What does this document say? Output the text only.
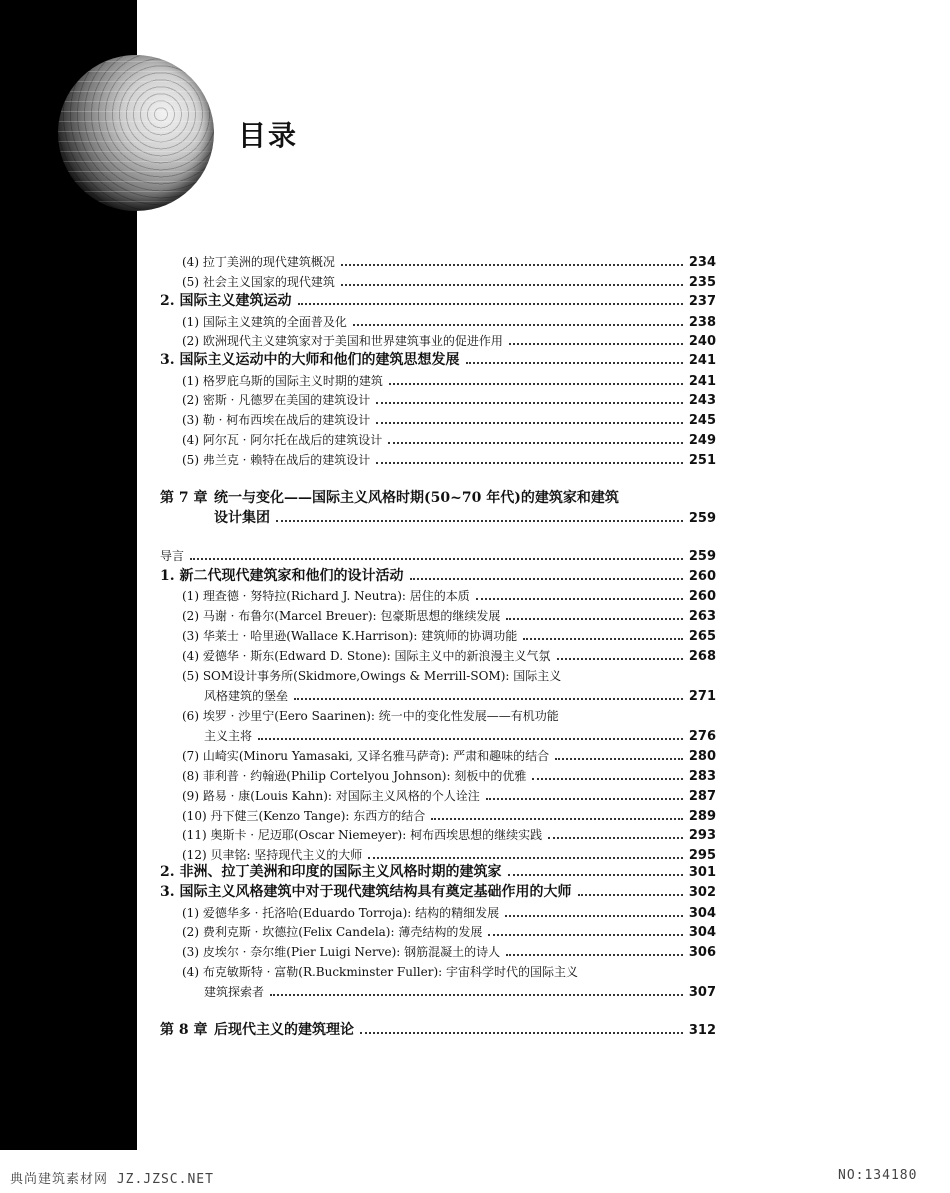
目录
(4) 拉丁美洲的现代建筑概况	234
(5) 社会主义国家的现代建筑	235
2. 国际主义建筑运动	237
(1) 国际主义建筑的全面普及化	238
(2) 欧洲现代主义建筑家对于美国和世界建筑事业的促进作用	240
3. 国际主义运动中的大师和他们的建筑思想发展	241
(1) 格罗庇乌斯的国际主义时期的建筑	241
(2) 密斯 · 凡德罗在美国的建筑设计	243
(3) 勒 · 柯布西埃在战后的建筑设计	245
(4) 阿尔瓦 · 阿尔托在战后的建筑设计	249
(5) 弗兰克 · 赖特在战后的建筑设计	251
第 7 章 统一与变化——国际主义风格时期(50~70 年代)的建筑家和建筑
设计集团	259
导言	259
1. 新二代现代建筑家和他们的设计活动	260
(1) 理查德 · 努特拉(Richard J. Neutra): 居住的本质	260
(2) 马谢 · 布鲁尔(Marcel Breuer): 包豪斯思想的继续发展	263
(3) 华莱士 · 哈里逊(Wallace K.Harrison): 建筑师的协调功能	265
(4) 爱德华 · 斯东(Edward D. Stone): 国际主义中的新浪漫主义气氛	268
(5) SOM设计事务所(Skidmore,Owings & Merrill-SOM): 国际主义
风格建筑的堡垒	271
(6) 埃罗 · 沙里宁(Eero Saarinen): 统一中的变化性发展——有机功能
主义主将	276
(7) 山崎实(Minoru Yamasaki, 又译名雅马萨奇): 严肃和趣味的结合	280
(8) 菲利普 · 约翰逊(Philip Cortelyou Johnson): 刻板中的优雅	283
(9) 路易 · 康(Louis Kahn): 对国际主义风格的个人诠注	287
(10) 丹下健三(Kenzo Tange): 东西方的结合	289
(11) 奥斯卡 · 尼迈耶(Oscar Niemeyer): 柯布西埃思想的继续实践	293
(12) 贝聿铭: 坚持现代主义的大师	295
2. 非洲、拉丁美洲和印度的国际主义风格时期的建筑家	301
3. 国际主义风格建筑中对于现代建筑结构具有奠定基础作用的大师	302
(1) 爱德华多 · 托洛哈(Eduardo Torroja): 结构的精细发展	304
(2) 费利克斯 · 坎德拉(Felix Candela): 薄壳结构的发展	304
(3) 皮埃尔 · 奈尔维(Pier Luigi Nerve): 钢筋混凝土的诗人	306
(4) 布克敏斯特 · 富勒(R.Buckminster Fuller): 宇宙科学时代的国际主义
建筑探索者	307
第 8 章 后现代主义的建筑理论	312
典尚建筑素材网 JZ.JZSC.NET	NO:134180
